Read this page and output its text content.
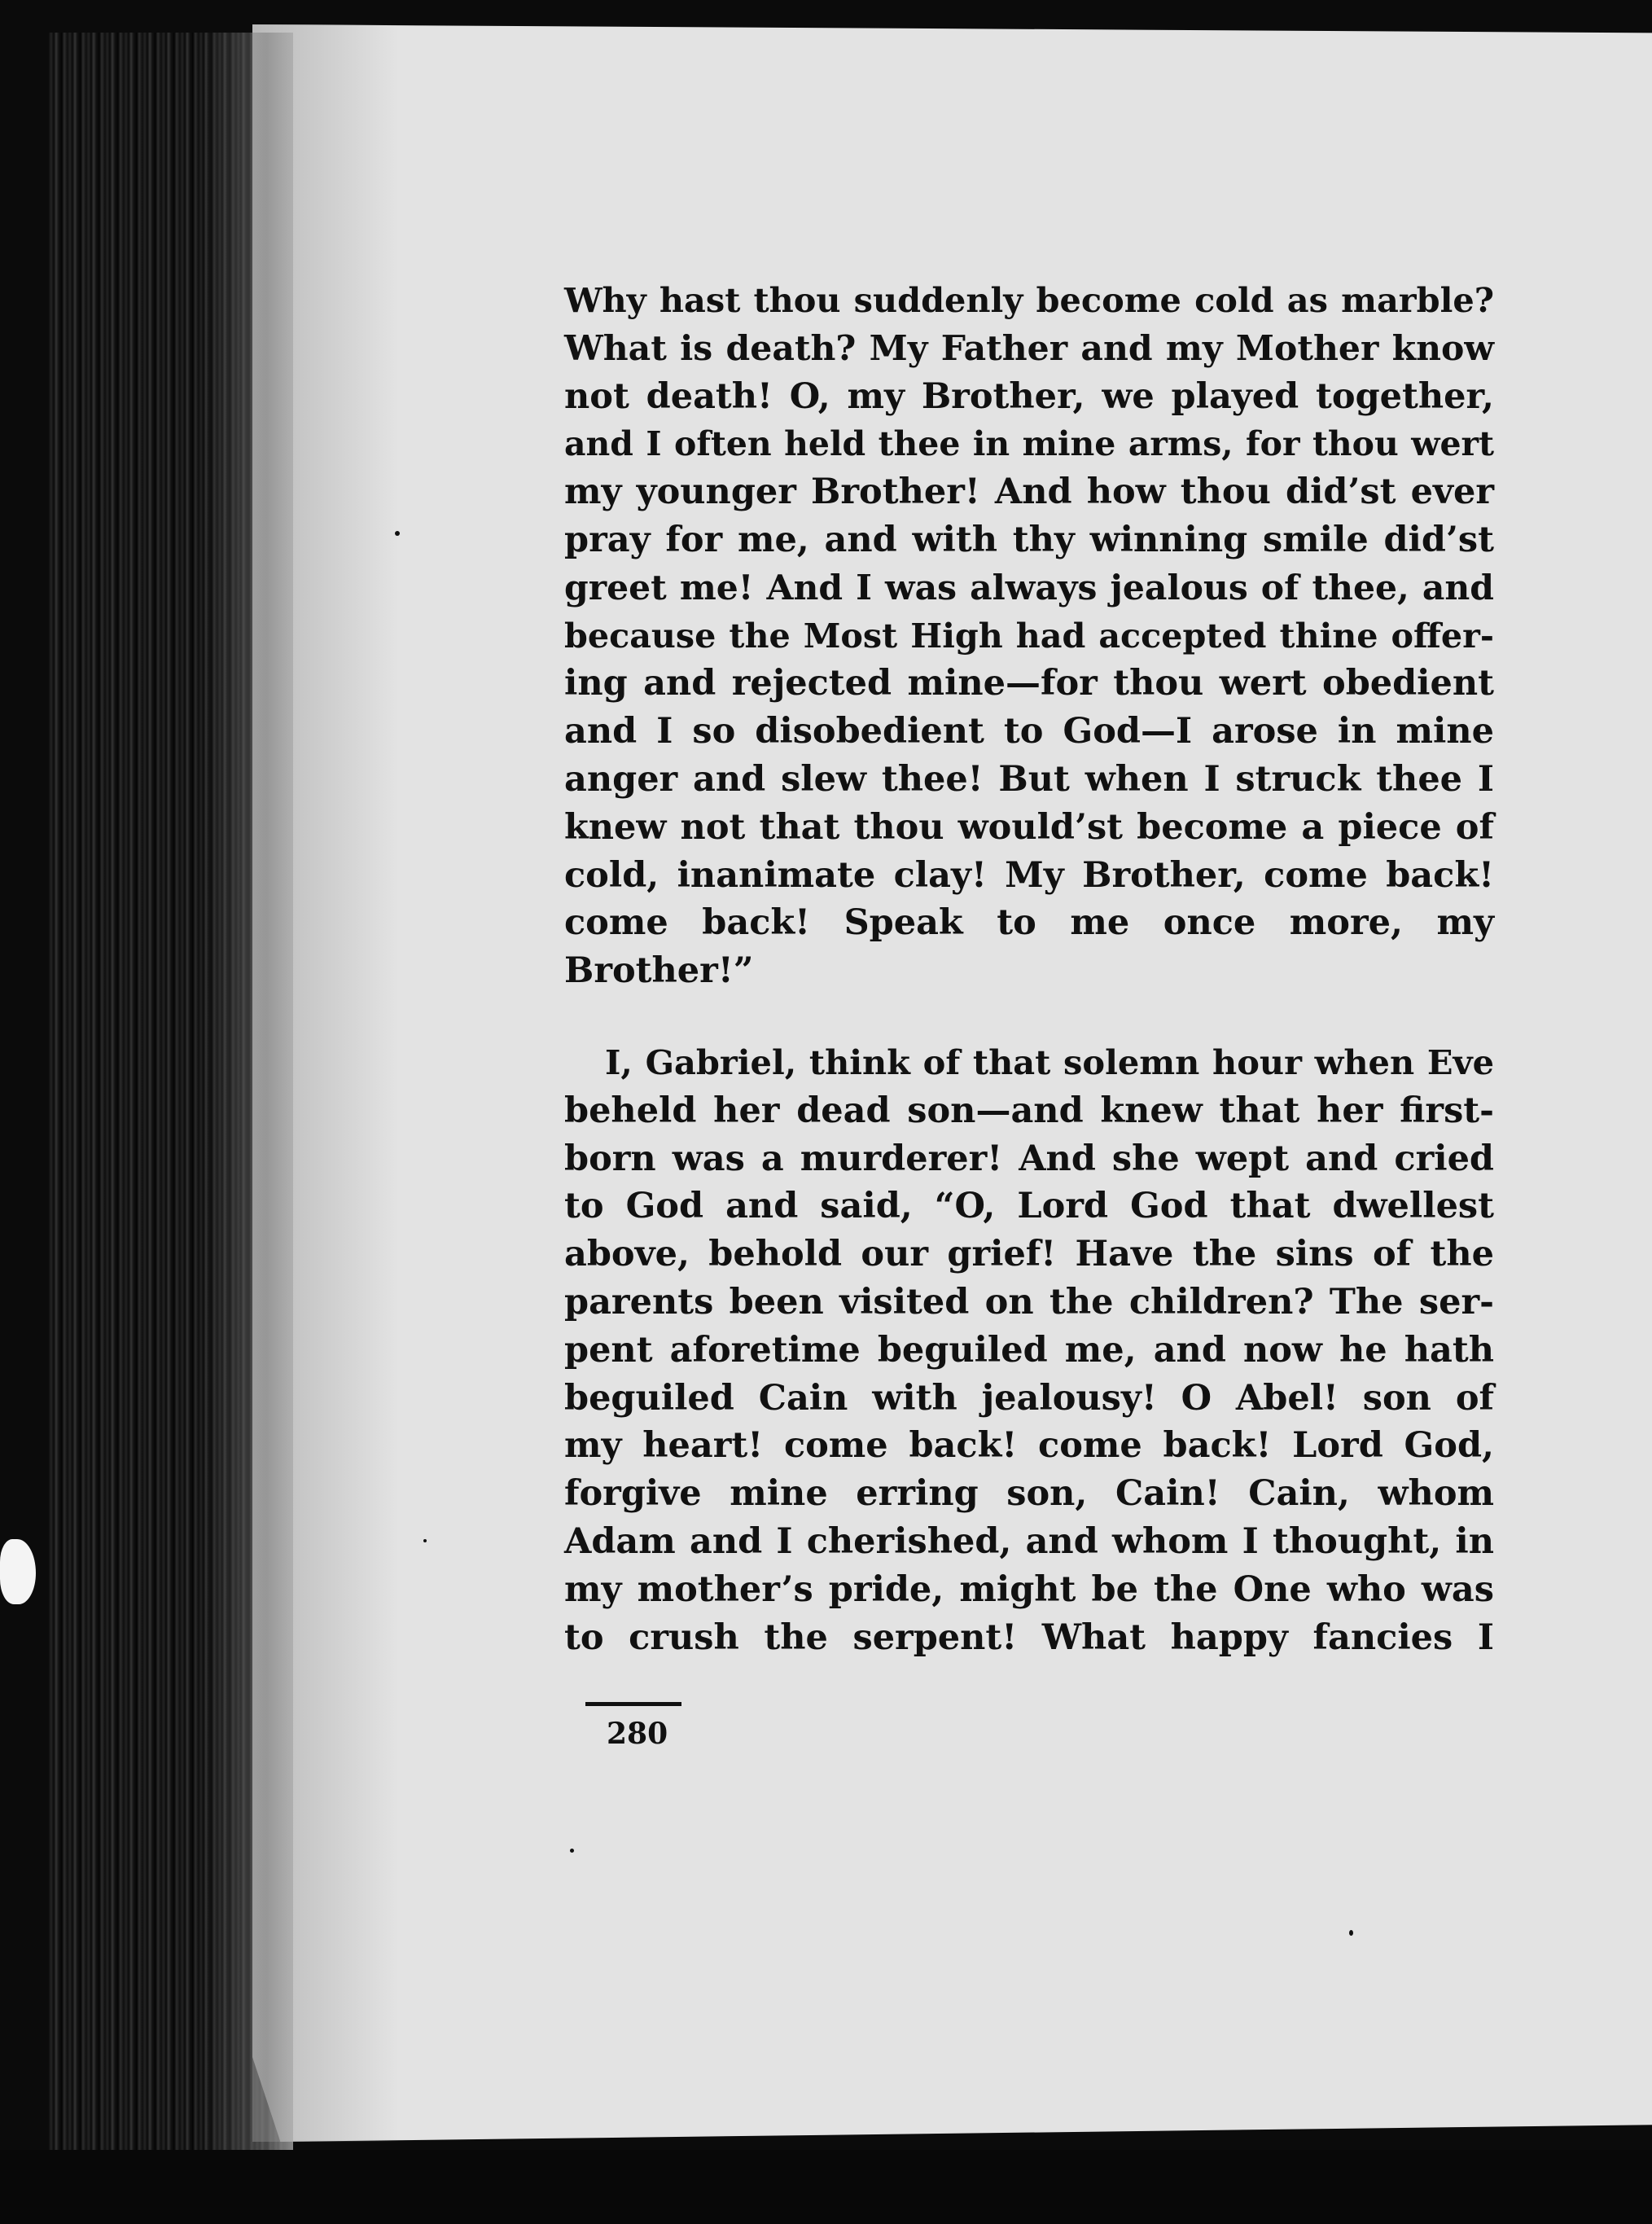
Why hast thou suddenly become cold as marble?
What is death? My Father and my Mother know
not death! O, my Brother, we played together,
and I often held thee in mine arms, for thou wert
my younger Brother! And how thou did’st ever
pray for me, and with thy winning smile did’st
greet me! And I was always jealous of thee, and
because the Most High had accepted thine offer-
ing and rejected mine—for thou wert obedient
and I so disobedient to God—I arose in mine
anger and slew thee! But when I struck thee I
knew not that thou would’st become a piece of
cold, inanimate clay! My Brother, come back!
come back! Speak to me once more, my
Brother!”

I, Gabriel, think of that solemn hour when Eve
beheld her dead son—and knew that her first-
born was a murderer! And she wept and cried
to God and said, “O, Lord God that dwellest
above, behold our grief! Have the sins of the
parents been visited on the children? The ser-
pent aforetime beguiled me, and now he hath
beguiled Cain with jealousy! O Abel! son of
my heart! come back! come back! Lord God,
forgive mine erring son, Cain! Cain, whom
Adam and I cherished, and whom I thought, in
my mother’s pride, might be the One who was
to crush the serpent! What happy fancies I

280
